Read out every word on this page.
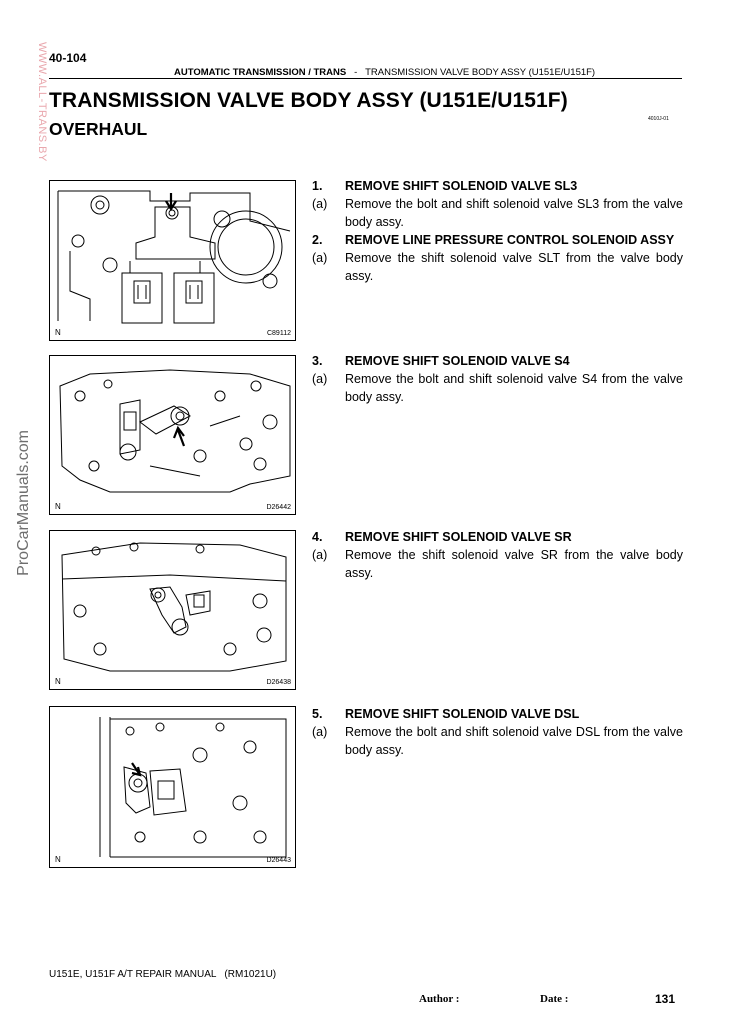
WWW.ALL-TRANS.BY
ProCarManuals.com
40-104
AUTOMATIC TRANSMISSION / TRANS - TRANSMISSION VALVE BODY ASSY (U151E/U151F)
TRANSMISSION VALVE BODY ASSY (U151E/U151F)
OVERHAUL	4010J-01
N	C89112
N	D26442
N	D26438
N	D26443
1.	REMOVE SHIFT SOLENOID VALVE SL3
(a)	Remove the bolt and shift solenoid valve SL3 from the valve body assy.
2.	REMOVE LINE PRESSURE CONTROL SOLENOID ASSY
(a)	Remove the shift solenoid valve SLT from the valve body assy.
3.	REMOVE SHIFT SOLENOID VALVE S4
(a)	Remove the bolt and shift solenoid valve S4 from the valve body assy.
4.	REMOVE SHIFT SOLENOID VALVE SR
(a)	Remove the shift solenoid valve SR from the valve body assy.
5.	REMOVE SHIFT SOLENOID VALVE DSL
(a)	Remove the bolt and shift solenoid valve DSL from the valve body assy.
U151E, U151F A/T REPAIR MANUAL   (RM1021U)
Author :	Date :	131
